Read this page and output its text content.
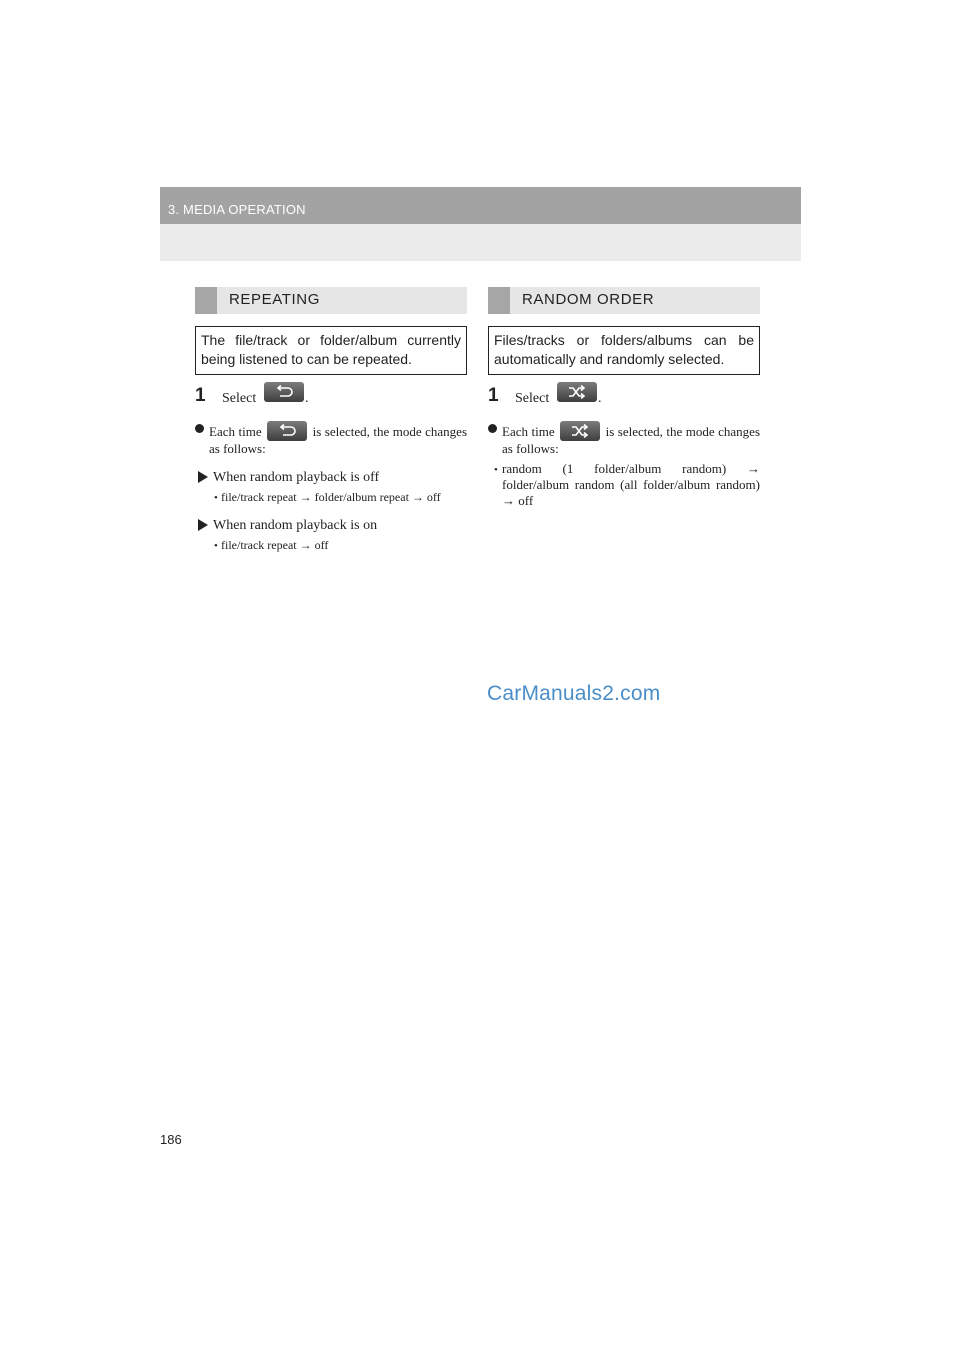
3. MEDIA OPERATION
REPEATING
The file/track or folder/album currently being listened to can be repeated.
1 Select	.
Each time	is selected, the mode changes as follows:
When random playback is off
• file/track repeat → folder/album repeat → off
When random playback is on
• file/track repeat → off
RANDOM ORDER
Files/tracks or folders/albums can be automatically and randomly selected.
1 Select	.
Each time	is selected, the mode changes as follows:
• random (1 folder/album random) → folder/album random (all folder/album random) → off
CarManuals2.com
186
